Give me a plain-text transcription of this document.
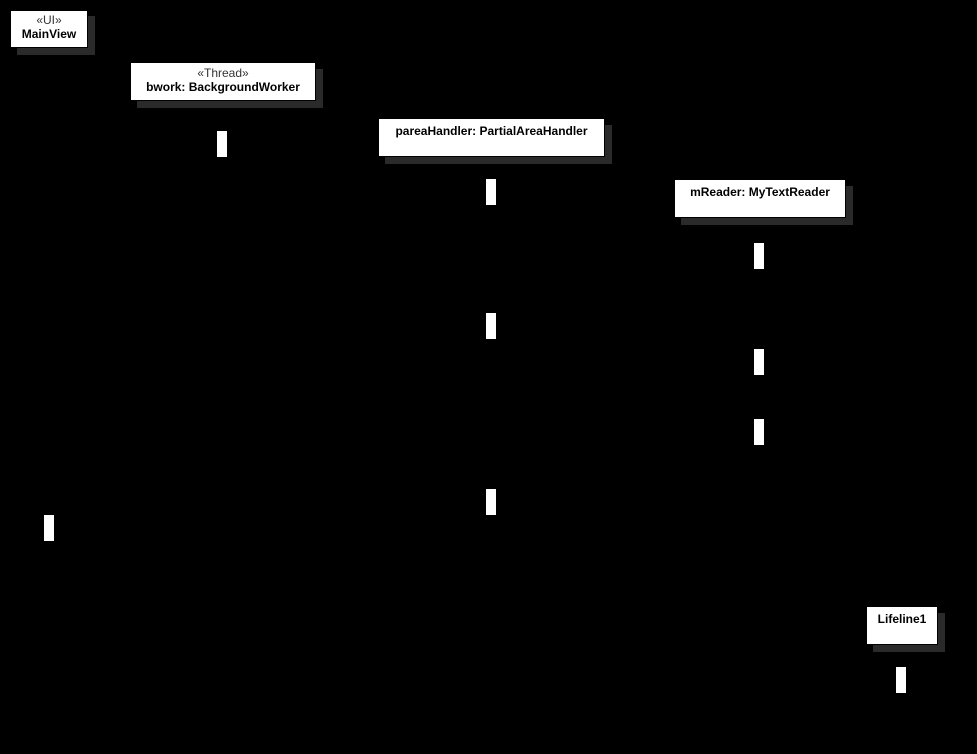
«UI»
MainView
«Thread»
bwork: BackgroundWorker
pareaHandler: PartialAreaHandler
mReader: MyTextReader
Lifeline1
